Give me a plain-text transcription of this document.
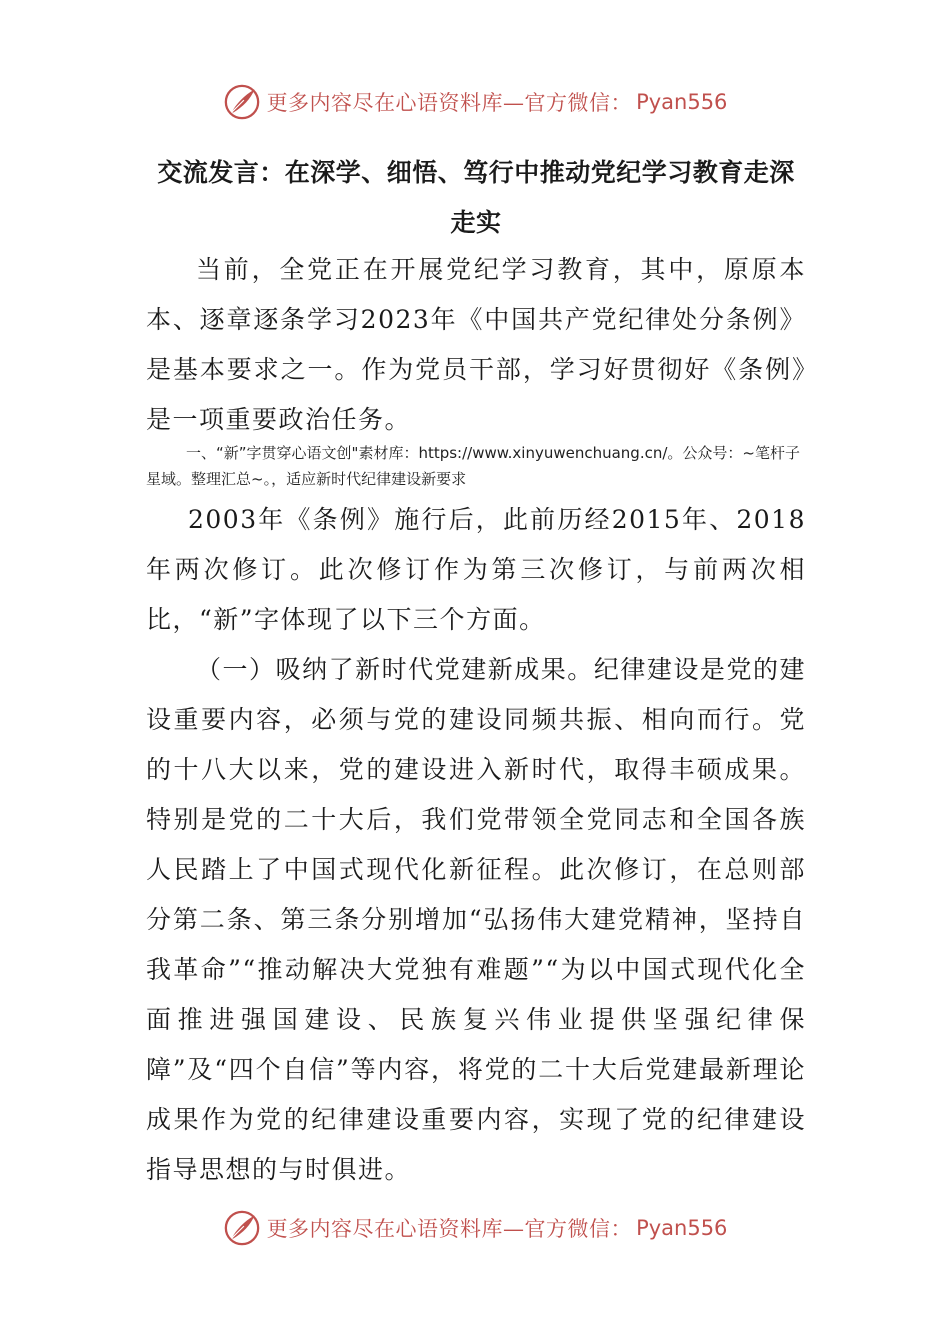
更多内容尽在心语资料库—官方微信： Pyan556
交流发言：在深学、细悟、笃行中推动党纪学习教育走深走实

当前，全党正在开展党纪学习教育，其中，原原本本、逐章逐条学习2023年《中国共产党纪律处分条例》是基本要求之一。作为党员干部，学习好贯彻好《条例》是一项重要政治任务。

一、“新”字贯穿心语文创"素材库：https://www.xinyuwenchuang.cn/。公众号：~笔杆子星域。整理汇总~。，适应新时代纪律建设新要求

2003年《条例》施行后，此前历经2015年、2018年两次修订。此次修订作为第三次修订，与前两次相比，“新”字体现了以下三个方面。

（一）吸纳了新时代党建新成果。纪律建设是党的建设重要内容，必须与党的建设同频共振、相向而行。党的十八大以来，党的建设进入新时代，取得丰硕成果。特别是党的二十大后，我们党带领全党同志和全国各族人民踏上了中国式现代化新征程。此次修订，在总则部分第二条、第三条分别增加“弘扬伟大建党精神，坚持自我革命”“推动解决大党独有难题”“为以中国式现代化全面推进强国建设、民族复兴伟业提供坚强纪律保障”及“四个自信”等内容，将党的二十大后党建最新理论成果作为党的纪律建设重要内容，实现了党的纪律建设指导思想的与时俱进。

更多内容尽在心语资料库—官方微信： Pyan556
